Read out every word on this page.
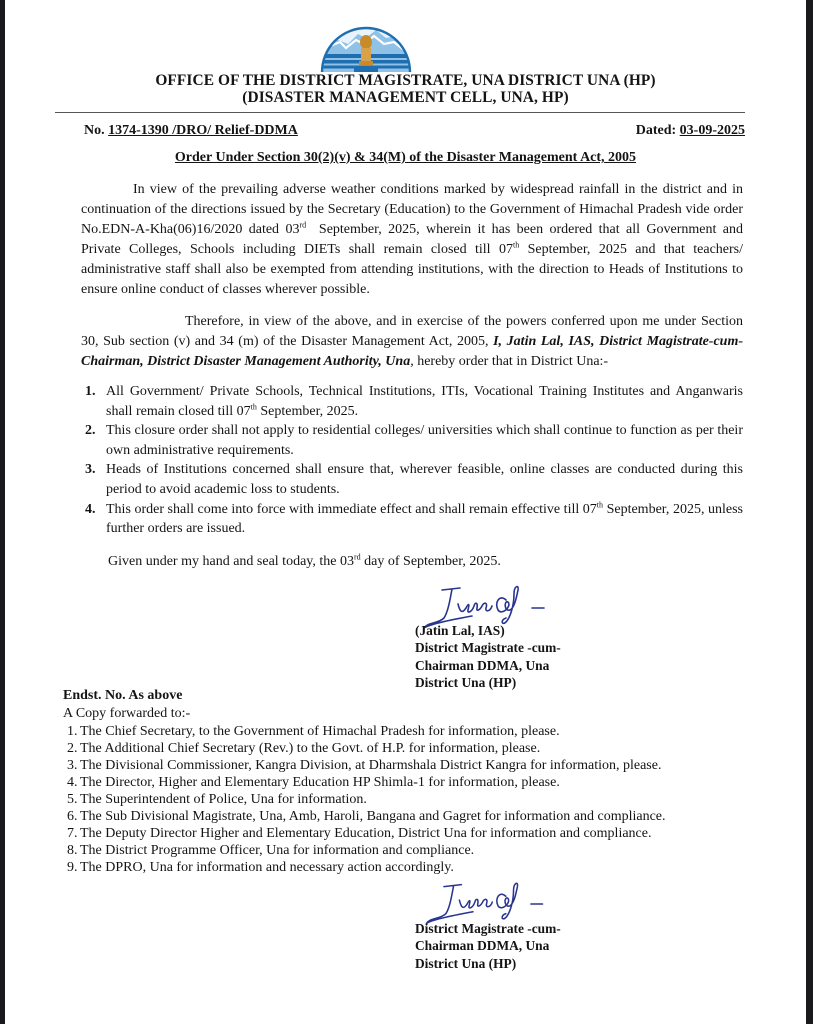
OFFICE OF THE DISTRICT MAGISTRATE, UNA DISTRICT UNA (HP)
(DISASTER MANAGEMENT CELL, UNA, HP)
No. 1374-1390 /DRO/ Relief-DDMA	Dated: 03-09-2025
Order Under Section 30(2)(v) & 34(M) of the Disaster Management Act, 2005
In view of the prevailing adverse weather conditions marked by widespread rainfall in the district and in continuation of the directions issued by the Secretary (Education) to the Government of Himachal Pradesh vide order No.EDN-A-Kha(06)16/2020 dated 03rd  September, 2025, wherein it has been ordered that all Government and Private Colleges, Schools including DIETs shall remain closed till 07th September, 2025 and that teachers/ administrative staff shall also be exempted from attending institutions, with the direction to Heads of Institutions to ensure online conduct of classes wherever possible.
Therefore, in view of the above, and in exercise of the powers conferred upon me under Section 30, Sub section (v) and 34 (m) of the Disaster Management Act, 2005, I, Jatin Lal, IAS, District Magistrate-cum-Chairman, District Disaster Management Authority, Una, hereby order that in District Una:-
1. All Government/ Private Schools, Technical Institutions, ITIs, Vocational Training Institutes and Anganwaris shall remain closed till 07th September, 2025.
2. This closure order shall not apply to residential colleges/ universities which shall continue to function as per their own administrative requirements.
3. Heads of Institutions concerned shall ensure that, wherever feasible, online classes are conducted during this period to avoid academic loss to students.
4. This order shall come into force with immediate effect and shall remain effective till 07th September, 2025, unless further orders are issued.
Given under my hand and seal today, the 03rd day of September, 2025.
(Jatin Lal, IAS)
District Magistrate -cum-
Chairman DDMA, Una
District Una (HP)
Endst. No. As above
A Copy forwarded to:-
1. The Chief Secretary, to the Government of Himachal Pradesh for information, please.
2. The Additional Chief Secretary (Rev.) to the Govt. of H.P. for information, please.
3. The Divisional Commissioner, Kangra Division, at Dharmshala District Kangra for information, please.
4. The Director, Higher and Elementary Education HP Shimla-1 for information, please.
5. The Superintendent of Police, Una for information.
6. The Sub Divisional Magistrate, Una, Amb, Haroli, Bangana and Gagret for information and compliance.
7. The Deputy Director Higher and Elementary Education, District Una for information and compliance.
8. The District Programme Officer, Una for information and compliance.
9. The DPRO, Una for information and necessary action accordingly.
District Magistrate -cum-
Chairman DDMA, Una
District Una (HP)
